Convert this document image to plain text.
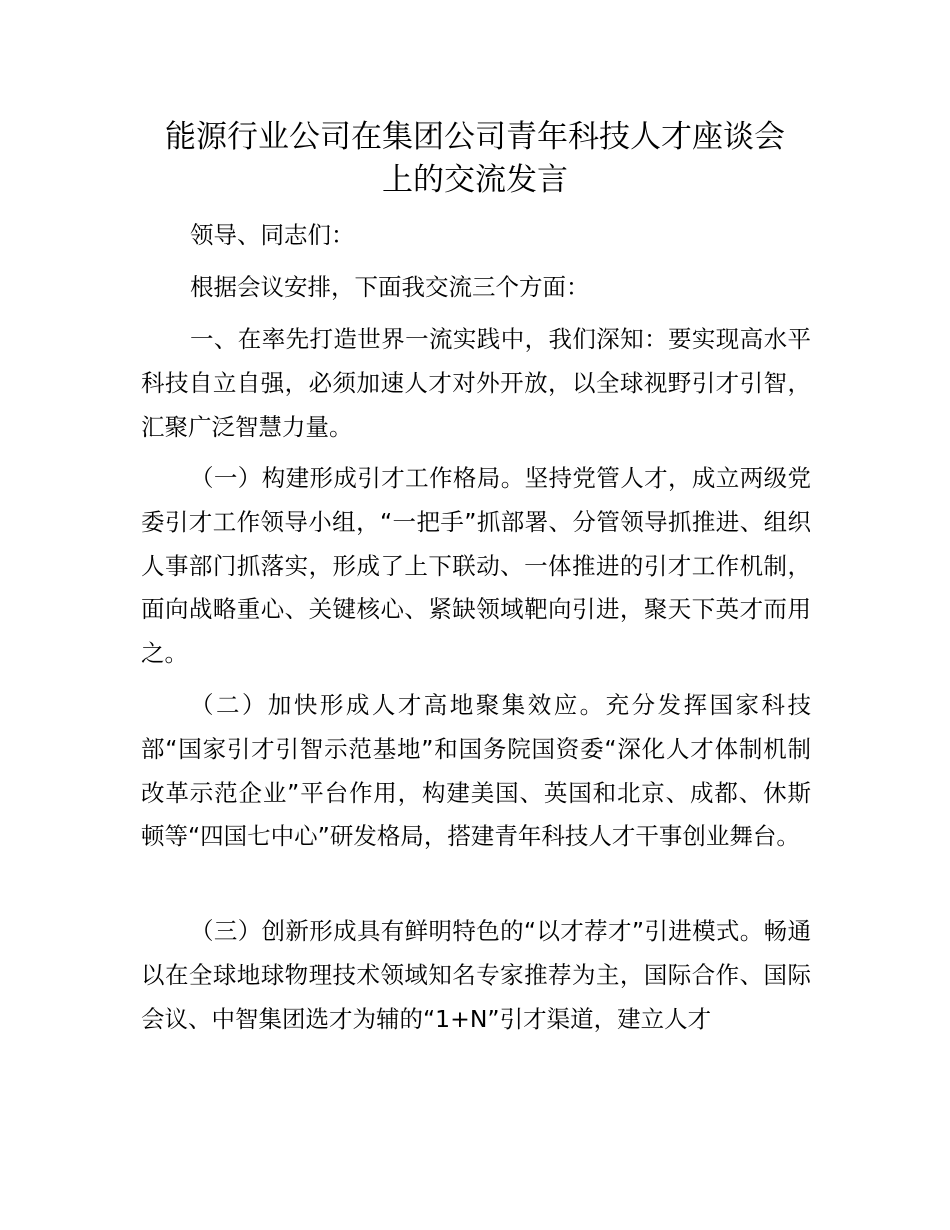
能源行业公司在集团公司青年科技人才座谈会
上的交流发言

领导、同志们：

根据会议安排，下面我交流三个方面：

一、在率先打造世界一流实践中，我们深知：要实现高水平科技自立自强，必须加速人才对外开放，以全球视野引才引智，汇聚广泛智慧力量。

（一）构建形成引才工作格局。坚持党管人才，成立两级党委引才工作领导小组，“一把手”抓部署、分管领导抓推进、组织人事部门抓落实，形成了上下联动、一体推进的引才工作机制，面向战略重心、关键核心、紧缺领域靶向引进，聚天下英才而用之。

（二）加快形成人才高地聚集效应。充分发挥国家科技部“国家引才引智示范基地”和国务院国资委“深化人才体制机制改革示范企业”平台作用，构建美国、英国和北京、成都、休斯顿等“四国七中心”研发格局，搭建青年科技人才干事创业舞台。

（三）创新形成具有鲜明特色的“以才荐才”引进模式。畅通以在全球地球物理技术领域知名专家推荐为主，国际合作、国际会议、中智集团选才为辅的“1+N”引才渠道，建立人才
